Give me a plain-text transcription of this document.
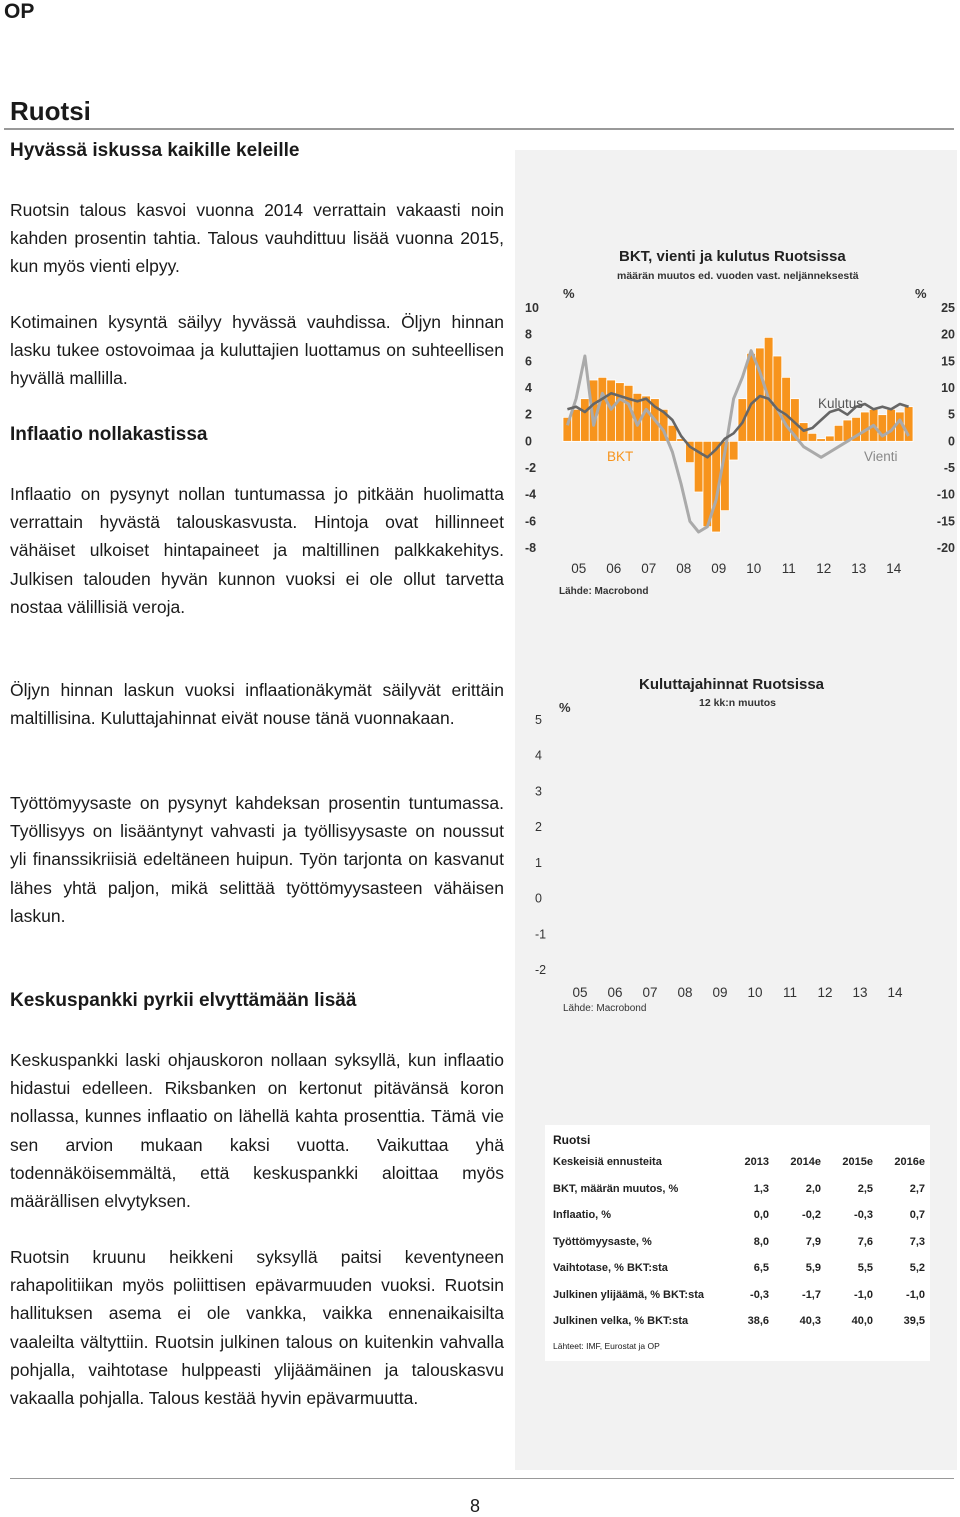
OP
Ruotsi
Hyvässä iskussa kaikille keleille
Ruotsin talous kasvoi vuonna 2014 verrattain vakaasti noin kahden prosentin tahtia. Talous vauhdittuu lisää vuonna 2015, kun myös vienti elpyy.
Kotimainen kysyntä säilyy hyvässä vauhdissa. Öljyn hinnan lasku tukee ostovoimaa ja kuluttajien luottamus on suhteellisen hyvällä mallilla.
Inflaatio nollakastissa
Inflaatio on pysynyt nollan tuntumassa jo pitkään huolimatta verrattain hyvästä talouskasvusta. Hintoja ovat hillinneet vähäiset ulkoiset hintapaineet ja maltillinen palkkakehitys. Julkisen talouden hyvän kunnon vuoksi ei ole ollut tarvetta nostaa välillisiä veroja.
Öljyn hinnan laskun vuoksi inflaationäkymät säilyvät erittäin maltillisina. Kuluttajahinnat eivät nouse tänä vuonnakaan.
Työttömyysaste on pysynyt kahdeksan prosentin tuntumassa. Työllisyys on lisääntynyt vahvasti ja työllisyysaste on noussut yli finanssikriisiä edeltäneen huipun. Työn tarjonta on kasvanut lähes yhtä paljon, mikä selittää työttömyysasteen vähäisen laskun.
Keskuspankki pyrkii elvyttämään lisää
Keskuspankki laski ohjauskoron nollaan syksyllä, kun inflaatio hidastui edelleen. Riksbanken on kertonut pitävänsä koron nollassa, kunnes inflaatio on lähellä kahta prosenttia. Tämä vie sen arvion mukaan kaksi vuotta. Vaikuttaa yhä todennäköisemmältä, että keskuspankki aloittaa myös määrällisen elvytyksen.
Ruotsin kruunu heikkeni syksyllä paitsi keventyneen rahapolitiikan myös poliittisen epävarmuuden vuoksi. Ruotsin hallituksen asema ei ole vankka, vaikka ennenaikaisilta vaaleilta vältyttiin. Ruotsin julkinen talous on kuitenkin vahvalla pohjalla, vaihtotase hulppeasti ylijäämäinen ja talouskasvu vakaalla pohjalla. Talous kestää hyvin epävarmuutta.
BKT, vienti ja kulutus Ruotsissa
määrän muutos ed. vuoden vast. neljänneksestä
%	%
10
8
6
4
2
0
-2
-4
-6
-8
25
20
15
10
5
0
-5
-10
-15
-20
05 06 07 08 09 10 11 12 13 14
Kulutus
Vienti
BKT
Lähde: Macrobond
Kuluttajahinnat Ruotsissa
12 kk:n muutos
%
5
4
3
2
1
0
-1
-2
05 06 07 08 09 10 11 12 13 14
Lähde: Macrobond
Ruotsi
Keskeisiä ennusteita	2013	2014e	2015e	2016e
BKT, määrän muutos, %	1,3	2,0	2,5	2,7
Inflaatio, %	0,0	-0,2	-0,3	0,7
Työttömyysaste, %	8,0	7,9	7,6	7,3
Vaihtotase, % BKT:sta	6,5	5,9	5,5	5,2
Julkinen ylijäämä, % BKT:sta	-0,3	-1,7	-1,0	-1,0
Julkinen velka, % BKT:sta	38,6	40,3	40,0	39,5
Lähteet: IMF, Eurostat ja OP
8
